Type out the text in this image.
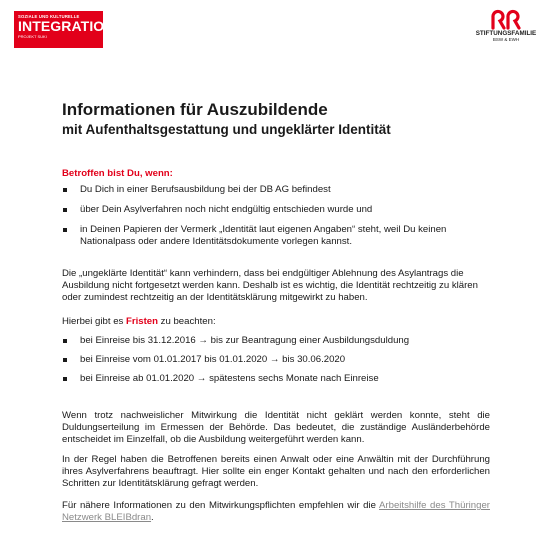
SOZIALE UND KULTURELLE
INTEGRATION
PROJEKT SUKI	STIFTUNGSFAMILIE
BSW & EWH
Informationen für Auszubildende
mit Aufenthaltsgestattung und ungeklärter Identität

Betroffen bist Du, wenn:

Du Dich in einer Berufsausbildung bei der DB AG befindest
über Dein Asylverfahren noch nicht endgültig entschieden wurde und
in Deinen Papieren der Vermerk „Identität laut eigenen Angaben“ steht, weil Du keinen Nationalpass oder andere Identitätsdokumente vorlegen kannst.

Die „ungeklärte Identität“ kann verhindern, dass bei endgültiger Ablehnung des Asylantrags die Ausbildung nicht fortgesetzt werden kann. Deshalb ist es wichtig, die Identität rechtzeitig zu klären oder zumindest rechtzeitig an der Identitätsklärung mitgewirkt zu haben.

Hierbei gibt es Fristen zu beachten:

bei Einreise bis 31.12.2016 → bis zur Beantragung einer Ausbildungsduldung
bei Einreise vom 01.01.2017 bis 01.01.2020 → bis 30.06.2020
bei Einreise ab 01.01.2020 → spätestens sechs Monate nach Einreise

Wenn trotz nachweislicher Mitwirkung die Identität nicht geklärt werden konnte, steht die Duldungserteilung im Ermessen der Behörde. Das bedeutet, die zuständige Ausländerbehörde entscheidet im Einzelfall, ob die Ausbildung weitergeführt werden kann.

In der Regel haben die Betroffenen bereits einen Anwalt oder eine Anwältin mit der Durchführung ihres Asylverfahrens beauftragt. Hier sollte ein enger Kontakt gehalten und nach den erforderlichen Schritten zur Identitätsklärung gefragt werden.

Für nähere Informationen zu den Mitwirkungspflichten empfehlen wir die Arbeitshilfe des Thüringer Netzwerk BLEIBdran.
